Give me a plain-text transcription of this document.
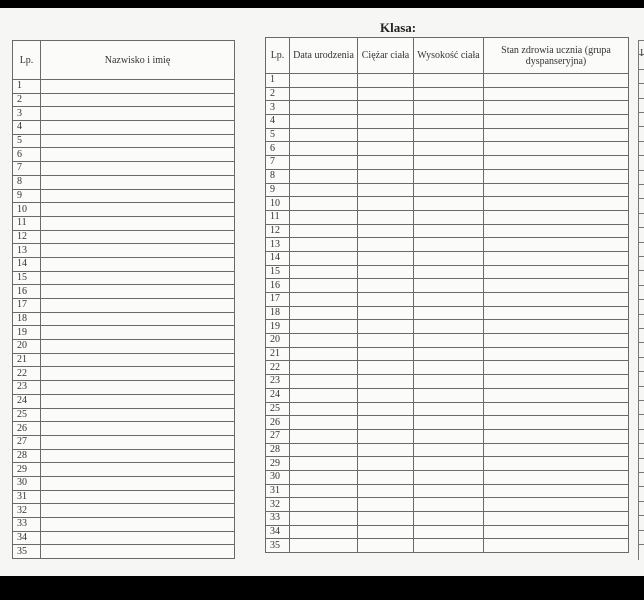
Klasa:
Lp.	Nazwisko i imię
1	
2	
3	
4	
5	
6	
7	
8	
9	
10	
11	
12	
13	
14	
15	
16	
17	
18	
19	
20	
21	
22	
23	
24	
25	
26	
27	
28	
29	
30	
31	
32	
33	
34	
35	
Lp.	Data urodzenia	Ciężar ciała	Wysokość ciała	Stan zdrowia ucznia (grupa dyspanseryjna)
1				
2				
3				
4				
5				
6				
7				
8				
9				
10				
11				
12				
13				
14				
15				
16				
17				
18				
19				
20				
21				
22				
23				
24				
25				
26				
27				
28				
29				
30				
31				
32				
33				
34				
35				
I
